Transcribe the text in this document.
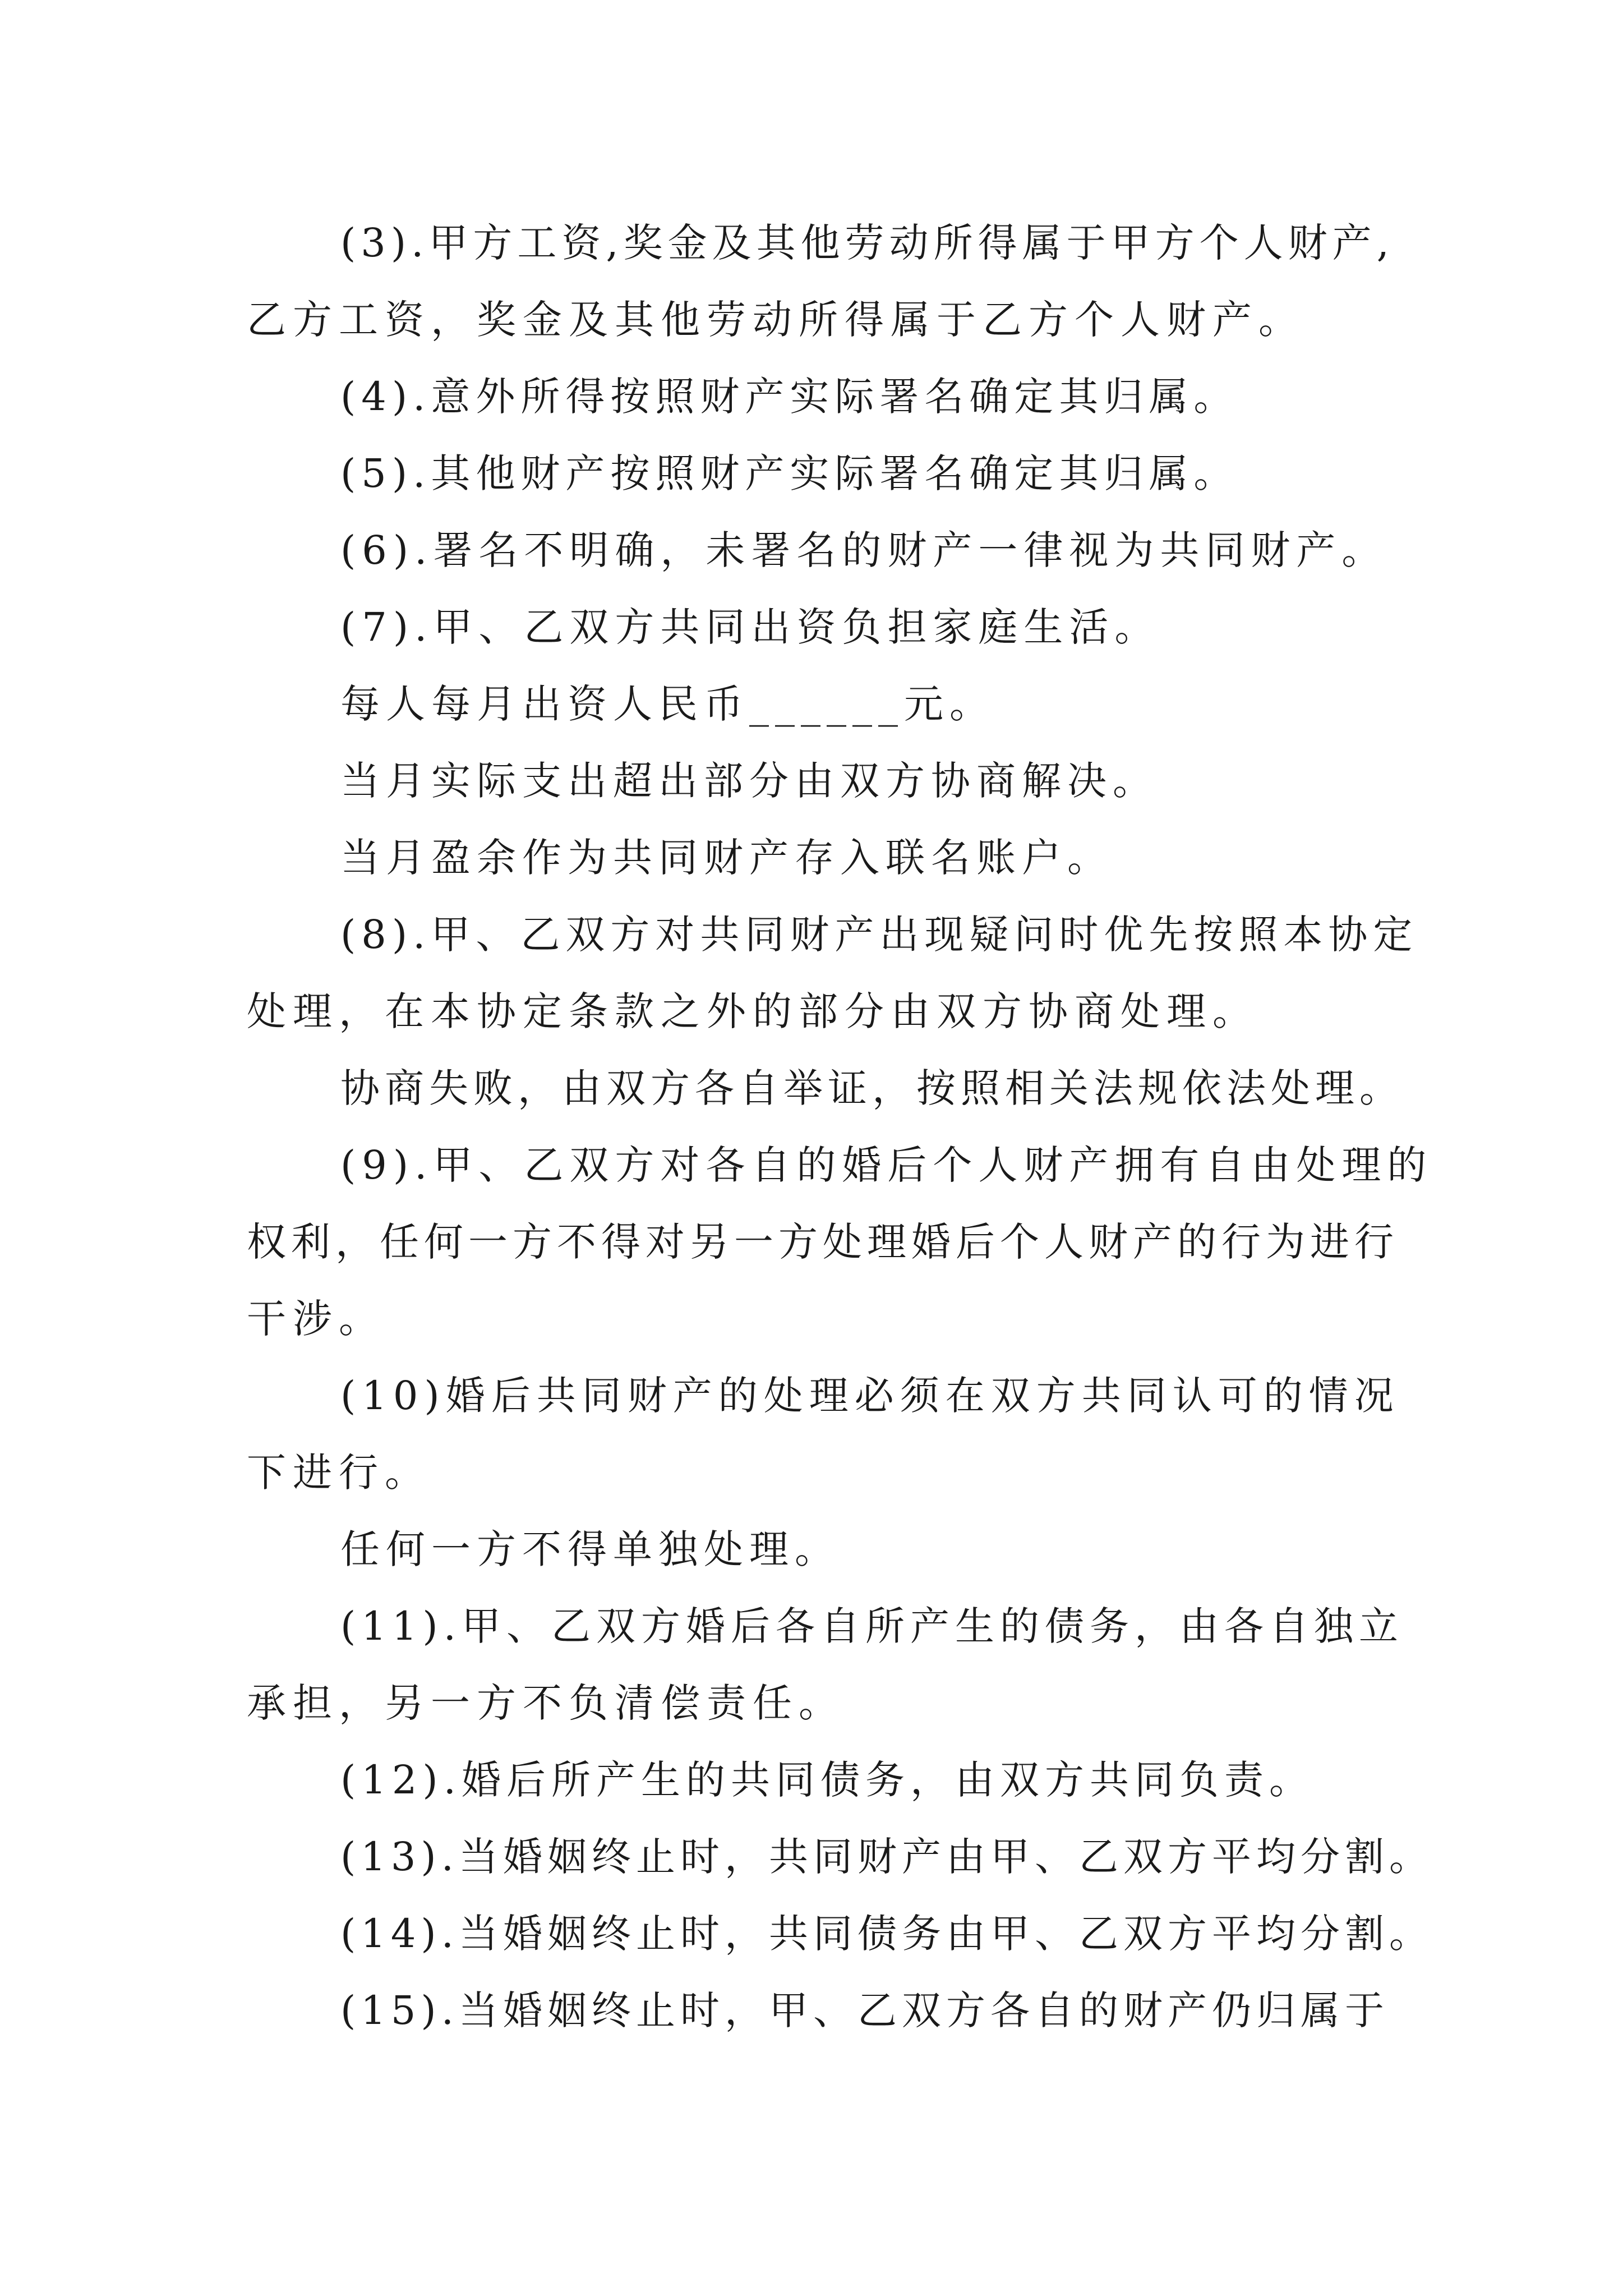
(3).甲方工资,奖金及其他劳动所得属于甲方个人财产,
乙方工资，奖金及其他劳动所得属于乙方个人财产。
(4).意外所得按照财产实际署名确定其归属。
(5).其他财产按照财产实际署名确定其归属。
(6).署名不明确，未署名的财产一律视为共同财产。
(7).甲、乙双方共同出资负担家庭生活。
每人每月出资人民币______元。
当月实际支出超出部分由双方协商解决。
当月盈余作为共同财产存入联名账户。
(8).甲、乙双方对共同财产出现疑问时优先按照本协定
处理，在本协定条款之外的部分由双方协商处理。
协商失败，由双方各自举证，按照相关法规依法处理。
(9).甲、乙双方对各自的婚后个人财产拥有自由处理的
权利，任何一方不得对另一方处理婚后个人财产的行为进行
干涉。
(10)婚后共同财产的处理必须在双方共同认可的情况
下进行。
任何一方不得单独处理。
(11).甲、乙双方婚后各自所产生的债务，由各自独立
承担，另一方不负清偿责任。
(12).婚后所产生的共同债务，由双方共同负责。
(13).当婚姻终止时，共同财产由甲、乙双方平均分割。
(14).当婚姻终止时，共同债务由甲、乙双方平均分割。
(15).当婚姻终止时，甲、乙双方各自的财产仍归属于
